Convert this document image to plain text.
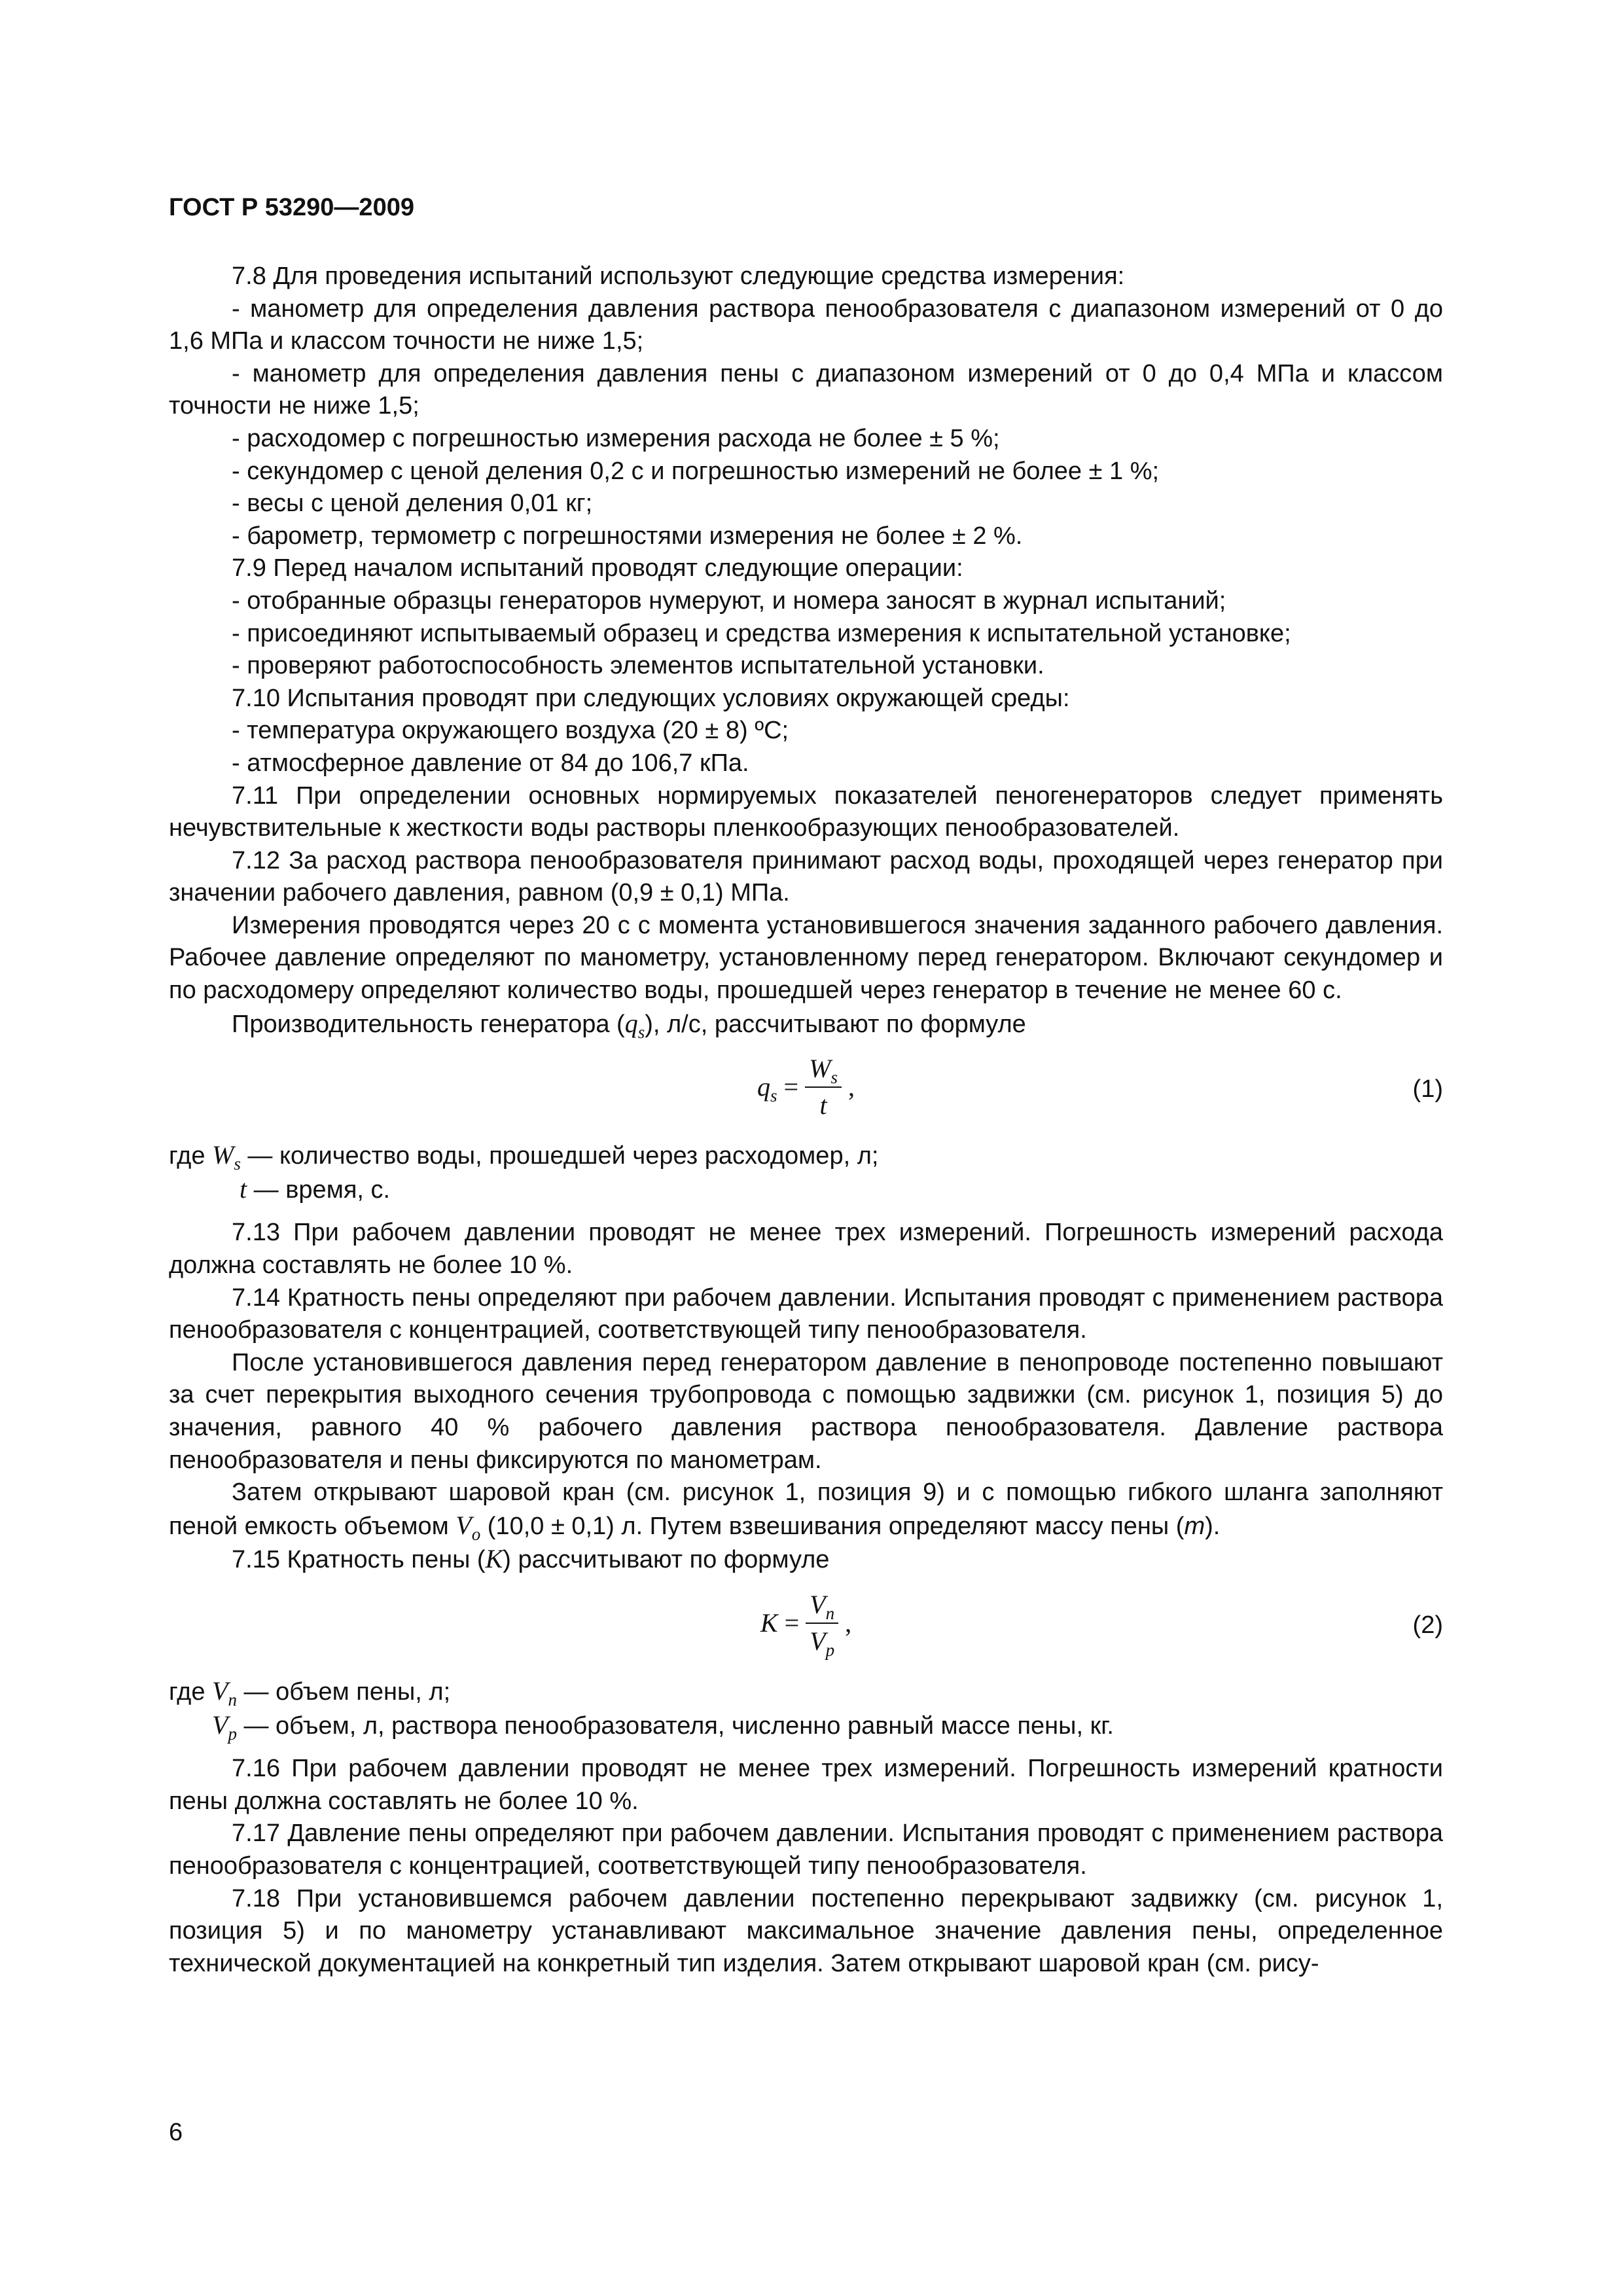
ГОСТ Р 53290—2009

7.8 Для проведения испытаний используют следующие средства измерения:

- манометр для определения давления раствора пенообразователя с диапазоном измерений от 0 до 1,6 МПа и классом точности не ниже 1,5;

- манометр для определения давления пены с диапазоном измерений от 0 до 0,4 МПа и классом точности не ниже 1,5;

- расходомер с погрешностью измерения расхода не более ± 5 %;

- секундомер с ценой деления 0,2 с и погрешностью измерений не более ± 1 %;

- весы с ценой деления 0,01 кг;

- барометр, термометр с погрешностями измерения не более ± 2 %.

7.9 Перед началом испытаний проводят следующие операции:

- отобранные образцы генераторов нумеруют, и номера заносят в журнал испытаний;

- присоединяют испытываемый образец и средства измерения к испытательной установке;

- проверяют работоспособность элементов испытательной установки.

7.10 Испытания проводят при следующих условиях окружающей среды:

- температура окружающего воздуха (20 ± 8) ºС;

- атмосферное давление от 84 до 106,7 кПа.

7.11 При определении основных нормируемых показателей пеногенераторов следует применять нечувствительные к жесткости воды растворы пленкообразующих пенообразователей.

7.12 За расход раствора пенообразователя принимают расход воды, проходящей через генератор при значении рабочего давления, равном (0,9 ± 0,1) МПа.

Измерения проводятся через 20 с с момента установившегося значения заданного рабочего давления. Рабочее давление определяют по манометру, установленному перед генератором. Включают секундомер и по расходомеру определяют количество воды, прошедшей через генератор в течение не менее 60 с.

Производительность генератора $(q_s)$, л/с, рассчитывают по формуле

$q_s = \frac{W_s}{t}$ ,	(1)

где $W_s$ — количество воды, прошедшей через расходомер, л;

t — время, с.

7.13 При рабочем давлении проводят не менее трех измерений. Погрешность измерений расхода должна составлять не более 10 %.

7.14 Кратность пены определяют при рабочем давлении. Испытания проводят с применением раствора пенообразователя с концентрацией, соответствующей типу пенообразователя.

После установившегося давления перед генератором давление в пенопроводе постепенно повышают за счет перекрытия выходного сечения трубопровода с помощью задвижки (см. рисунок 1, позиция 5) до значения, равного 40 % рабочего давления раствора пенообразователя. Давление раствора пенообразователя и пены фиксируются по манометрам.

Затем открывают шаровой кран (см. рисунок 1, позиция 9) и с помощью гибкого шланга заполняют пеной емкость объемом $V_o$ (10,0 ± 0,1) л. Путем взвешивания определяют массу пены (m).

7.15 Кратность пены (K) рассчитывают по формуле

$K = \frac{V_n}{V_p}$ ,	(2)

где $V_n$ — объем пены, л;

$V_p$ — объем, л, раствора пенообразователя, численно равный массе пены, кг.

7.16 При рабочем давлении проводят не менее трех измерений. Погрешность измерений кратности пены должна составлять не более 10 %.

7.17 Давление пены определяют при рабочем давлении. Испытания проводят с применением раствора пенообразователя с концентрацией, соответствующей типу пенообразователя.

7.18 При установившемся рабочем давлении постепенно перекрывают задвижку (см. рисунок 1, позиция 5) и по манометру устанавливают максимальное значение давления пены, определенное технической документацией на конкретный тип изделия. Затем открывают шаровой кран (см. рису-

6
